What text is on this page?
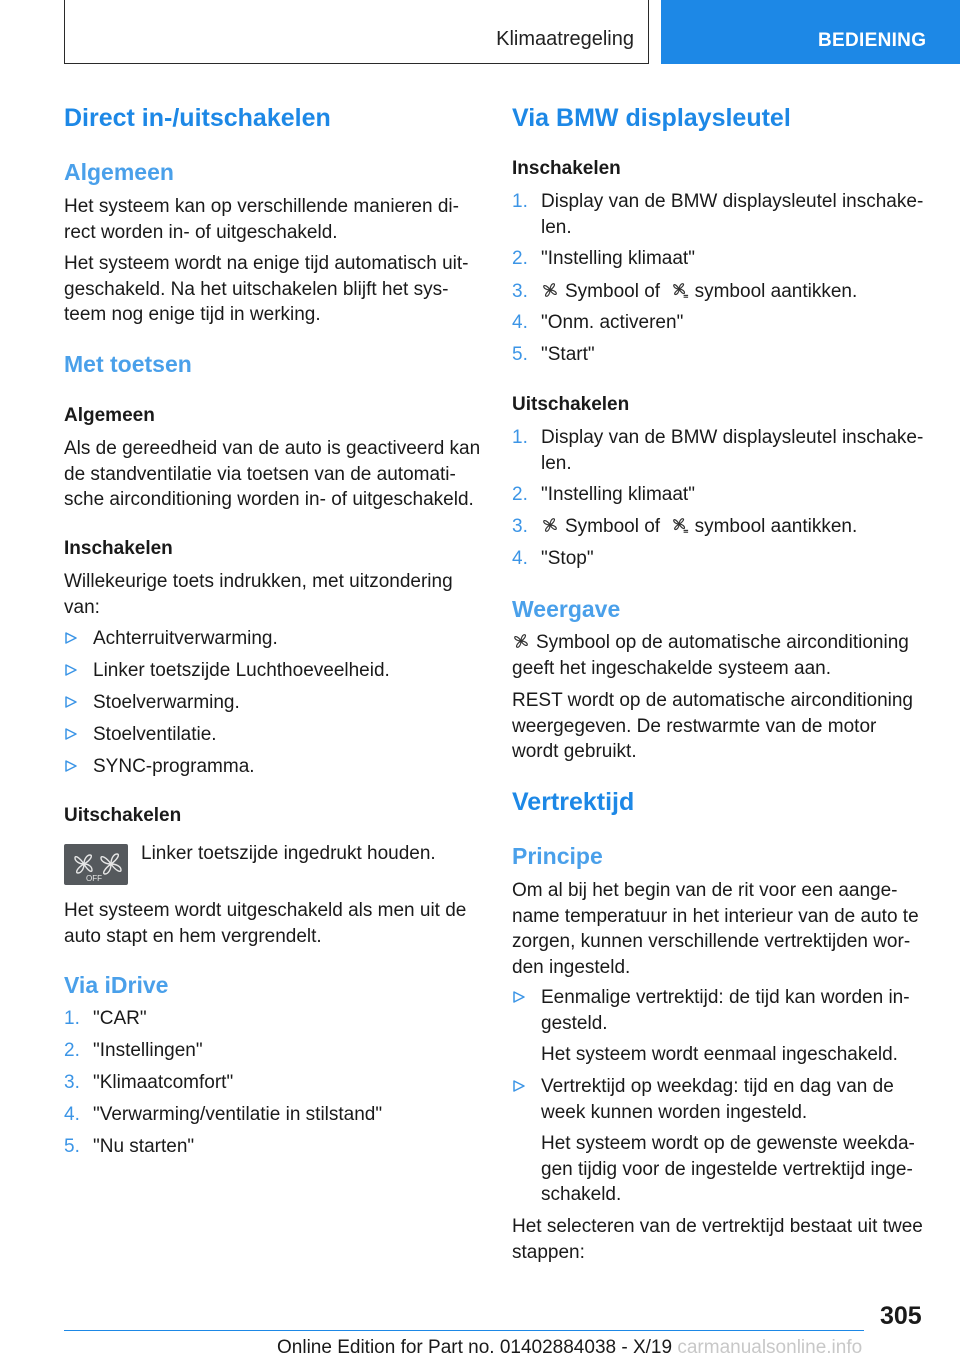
Klimaatregeling	BEDIENING
Direct in-/uitschakelen
Algemeen
Het systeem kan op verschillende manieren di-
rect worden in- of uitgeschakeld.
Het systeem wordt na enige tijd automatisch uit-
geschakeld. Na het uitschakelen blijft het sys-
teem nog enige tijd in werking.
Met toetsen
Algemeen
Als de gereedheid van de auto is geactiveerd kan
de standventilatie via toetsen van de automati-
sche airconditioning worden in- of uitgeschakeld.
Inschakelen
Willekeurige toets indrukken, met uitzondering
van:
Achterruitverwarming.
Linker toetszijde Luchthoeveelheid.
Stoelverwarming.
Stoelventilatie.
SYNC-programma.
Uitschakelen
OFF
Linker toetszijde ingedrukt houden.
Het systeem wordt uitgeschakeld als men uit de
auto stapt en hem vergrendelt.
Via iDrive
1. "CAR"
2. "Instellingen"
3. "Klimaatcomfort"
4. "Verwarming/ventilatie in stilstand"
5. "Nu starten"
Via BMW displaysleutel
Inschakelen
1. Display van de BMW displaysleutel inschake-
len.
2. "Instelling klimaat"
3.	Symbool of symbool aantikken.
4. "Onm. activeren"
5. "Start"
Uitschakelen
1. Display van de BMW displaysleutel inschake-
len.
2. "Instelling klimaat"
3.	Symbool of symbool aantikken.
4. "Stop"
Weergave
Symbool op de automatische airconditioning
geeft het ingeschakelde systeem aan.
REST wordt op de automatische airconditioning
weergegeven. De restwarmte van de motor
wordt gebruikt.
Vertrektijd
Principe
Om al bij het begin van de rit voor een aange-
name temperatuur in het interieur van de auto te
zorgen, kunnen verschillende vertrektijden wor-
den ingesteld.
Eenmalige vertrektijd: de tijd kan worden in-
gesteld.
Het systeem wordt eenmaal ingeschakeld.
Vertrektijd op weekdag: tijd en dag van de
week kunnen worden ingesteld.
Het systeem wordt op de gewenste weekda-
gen tijdig voor de ingestelde vertrektijd inge-
schakeld.
Het selecteren van de vertrektijd bestaat uit twee
stappen:
305
Online Edition for Part no. 01402884038 - X/19 carmanualsonline.info
